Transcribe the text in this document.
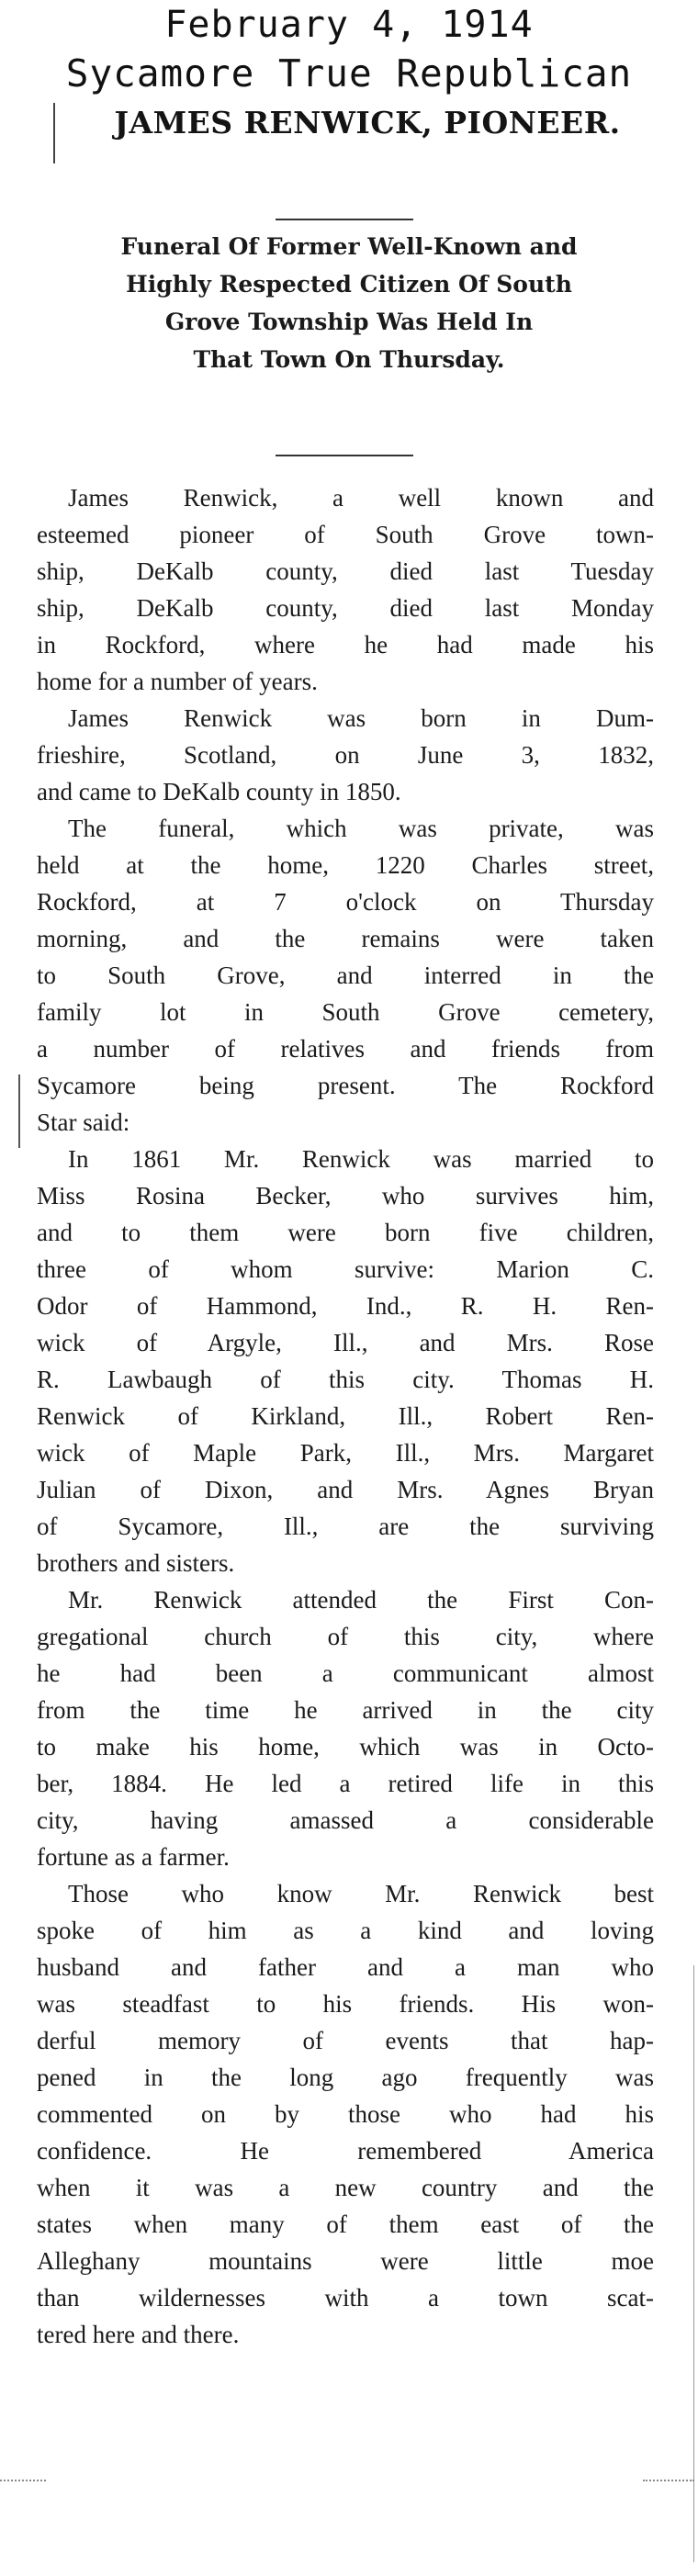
February 4, 1914
Sycamore True Republican
JAMES RENWICK, PIONEER.
Funeral Of Former Well-Known and
Highly Respected Citizen Of South
Grove Township Was Held In
That Town On Thursday.

James Renwick, a well known and
esteemed pioneer of South Grove town-
ship, DeKalb county, died last Tuesday
ship, DeKalb county, died last Monday
in Rockford, where he had made his
home for a number of years.

James Renwick was born in Dum-
frieshire, Scotland, on June 3, 1832,
and came to DeKalb county in 1850.

The funeral, which was private, was
held at the home, 1220 Charles street,
Rockford, at 7 o'clock on Thursday
morning, and the remains were taken
to South Grove, and interred in the
family lot in South Grove cemetery,
a number of relatives and friends from
Sycamore being present. The Rockford
Star said:

In 1861 Mr. Renwick was married to
Miss Rosina Becker, who survives him,
and to them were born five children,
three of whom survive: Marion C.
Odor of Hammond, Ind., R. H. Ren-
wick of Argyle, Ill., and Mrs. Rose
R. Lawbaugh of this city. Thomas H.
Renwick of Kirkland, Ill., Robert Ren-
wick of Maple Park, Ill., Mrs. Margaret
Julian of Dixon, and Mrs. Agnes Bryan
of Sycamore, Ill., are the surviving
brothers and sisters.

Mr. Renwick attended the First Con-
gregational church of this city, where
he had been a communicant almost
from the time he arrived in the city
to make his home, which was in Octo-
ber, 1884. He led a retired life in this
city, having amassed a considerable
fortune as a farmer.

Those who know Mr. Renwick best
spoke of him as a kind and loving
husband and father and a man who
was steadfast to his friends. His won-
derful memory of events that hap-
pened in the long ago frequently was
commented on by those who had his
confidence. He remembered America
when it was a new country and the
states when many of them east of the
Alleghany mountains were little moe
than wildernesses with a town scat-
tered here and there.
